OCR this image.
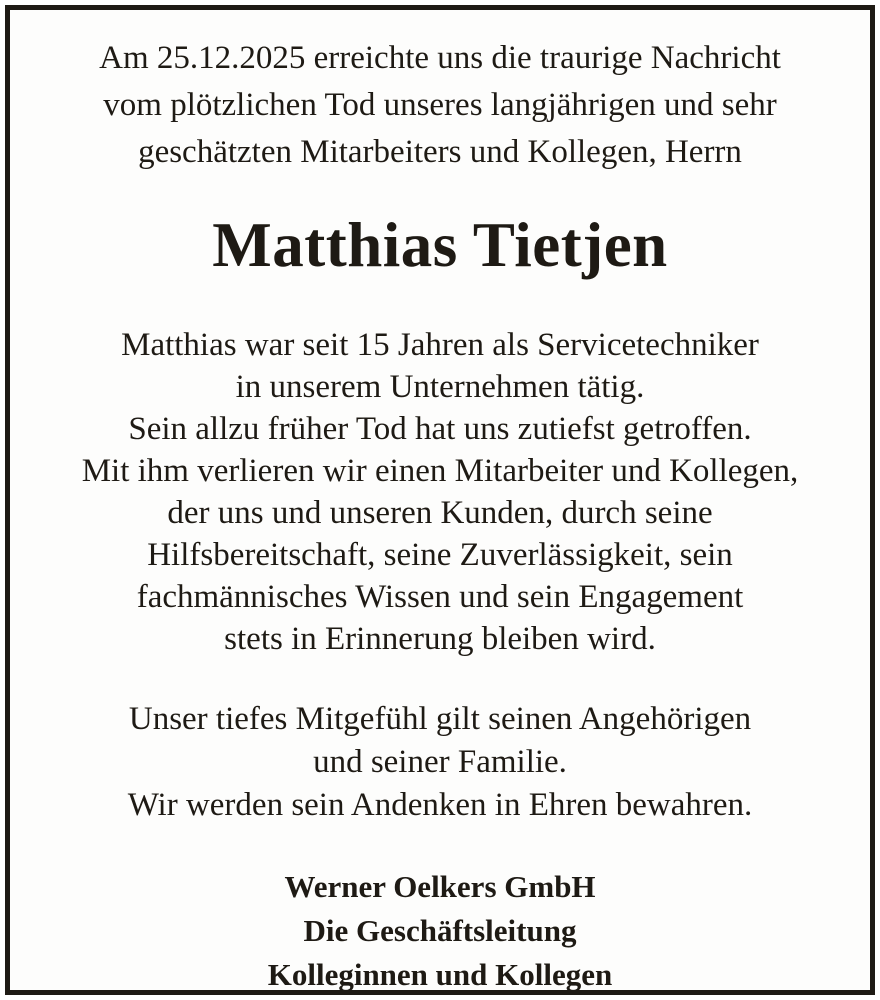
Am 25.12.2025 erreichte uns die traurige Nachricht
vom plötzlichen Tod unseres langjährigen und sehr
geschätzten Mitarbeiters und Kollegen, Herrn
Matthias Tietjen
Matthias war seit 15 Jahren als Servicetechniker
in unserem Unternehmen tätig.
Sein allzu früher Tod hat uns zutiefst getroffen.
Mit ihm verlieren wir einen Mitarbeiter und Kollegen,
der uns und unseren Kunden, durch seine
Hilfsbereitschaft, seine Zuverlässigkeit, sein
fachmännisches Wissen und sein Engagement
stets in Erinnerung bleiben wird.
Unser tiefes Mitgefühl gilt seinen Angehörigen
und seiner Familie.
Wir werden sein Andenken in Ehren bewahren.
Werner Oelkers GmbH
Die Geschäftsleitung
Kolleginnen und Kollegen
